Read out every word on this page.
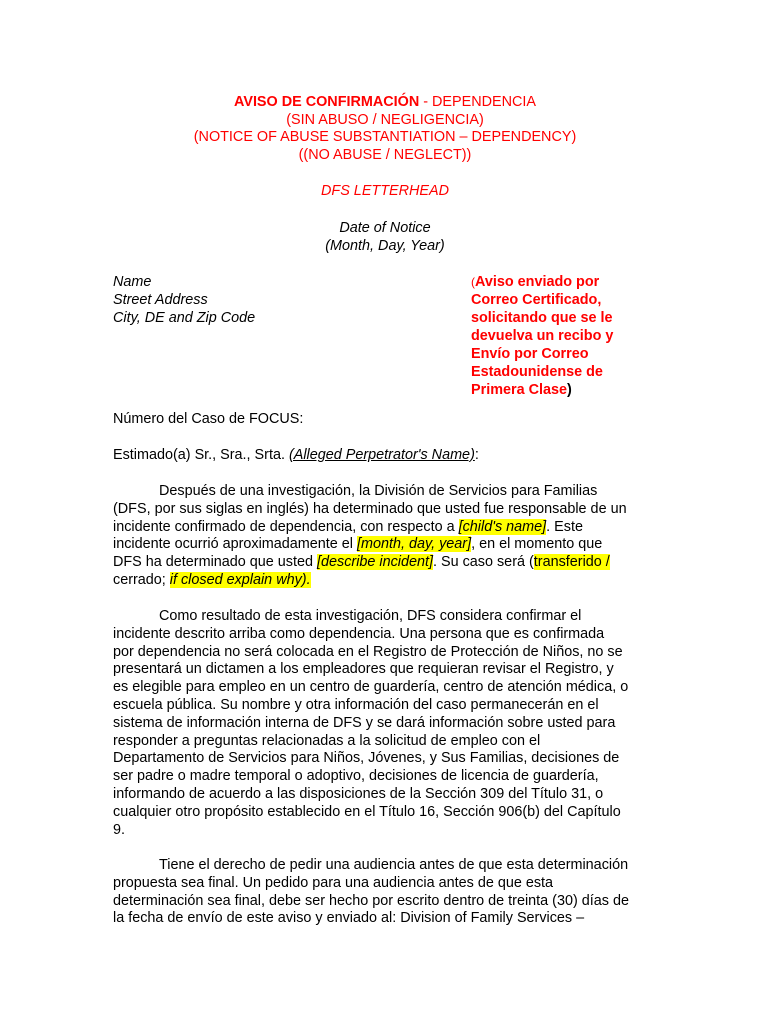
AVISO DE CONFIRMACIÓN - DEPENDENCIA
(SIN ABUSO / NEGLIGENCIA)
(NOTICE OF ABUSE SUBSTANTIATION – DEPENDENCY)
((NO ABUSE / NEGLECT))
DFS LETTERHEAD
Date of Notice
(Month, Day, Year)
Name
Street Address
City, DE and Zip Code
(Aviso enviado por
Correo Certificado,
solicitando que se le
devuelva un recibo y
Envío por Correo
Estadounidense de
Primera Clase)
Número del Caso de FOCUS:
Estimado(a) Sr., Sra., Srta. (Alleged Perpetrator's Name):
Después de una investigación, la División de Servicios para Familias
(DFS, por sus siglas en inglés) ha determinado que usted fue responsable de un
incidente confirmado de dependencia, con respecto a [child's name]. Este
incidente ocurrió aproximadamente el [month, day, year], en el momento que
DFS ha determinado que usted [describe incident]. Su caso será (transferido /
cerrado; if closed explain why).
Como resultado de esta investigación, DFS considera confirmar el
incidente descrito arriba como dependencia. Una persona que es confirmada
por dependencia no será colocada en el Registro de Protección de Niños, no se
presentará un dictamen a los empleadores que requieran revisar el Registro, y
es elegible para empleo en un centro de guardería, centro de atención médica, o
escuela pública. Su nombre y otra información del caso permanecerán en el
sistema de información interna de DFS y se dará información sobre usted para
responder a preguntas relacionadas a la solicitud de empleo con el
Departamento de Servicios para Niños, Jóvenes, y Sus Familias, decisiones de
ser padre o madre temporal o adoptivo, decisiones de licencia de guardería,
informando de acuerdo a las disposiciones de la Sección 309 del Título 31, o
cualquier otro propósito establecido en el Título 16, Sección 906(b) del Capítulo
9.
Tiene el derecho de pedir una audiencia antes de que esta determinación
propuesta sea final. Un pedido para una audiencia antes de que esta
determinación sea final, debe ser hecho por escrito dentro de treinta (30) días de
la fecha de envío de este aviso y enviado al: Division of Family Services –
